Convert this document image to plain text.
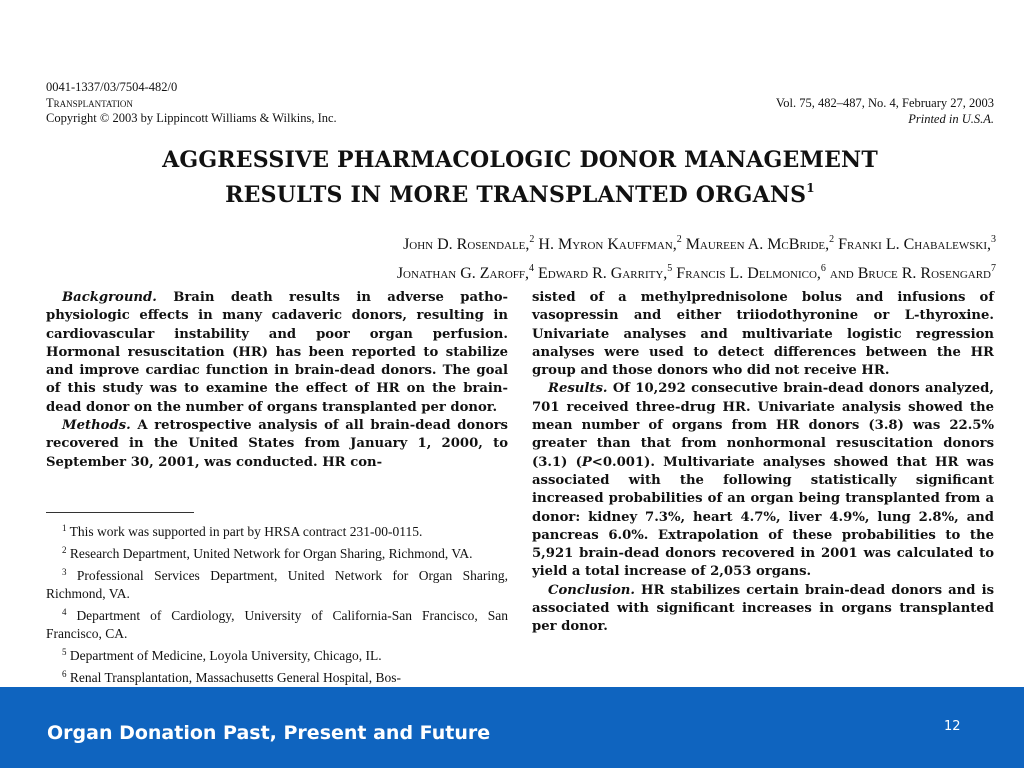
0041-1337/03/7504-482/0
Transplantation
Copyright © 2003 by Lippincott Williams & Wilkins, Inc.
Vol. 75, 482–487, No. 4, February 27, 2003
Printed in U.S.A.
AGGRESSIVE PHARMACOLOGIC DONOR MANAGEMENT
RESULTS IN MORE TRANSPLANTED ORGANS$^1$
John D. Rosendale,$^2$ H. Myron Kauffman,$^2$ Maureen A. McBride,$^2$ Franki L. Chabalewski,$^3$
Jonathan G. Zaroff,$^4$ Edward R. Garrity,$^5$ Francis L. Delmonico,$^6$ and Bruce R. Rosengard$^7$

Background. Brain death results in adverse patho-physiologic effects in many cadaveric donors, resulting in cardiovascular instability and poor organ perfusion. Hormonal resuscitation (HR) has been reported to stabilize and improve cardiac function in brain-dead donors. The goal of this study was to examine the effect of HR on the brain-dead donor on the number of organs transplanted per donor.

Methods. A retrospective analysis of all brain-dead donors recovered in the United States from January 1, 2000, to September 30, 2001, was conducted. HR con-

$^1$ This work was supported in part by HRSA contract 231-00-0115.

$^2$ Research Department, United Network for Organ Sharing, Richmond, VA.

$^3$ Professional Services Department, United Network for Organ Sharing, Richmond, VA.

$^4$ Department of Cardiology, University of California-San Francisco, San Francisco, CA.

$^5$ Department of Medicine, Loyola University, Chicago, IL.

$^6$ Renal Transplantation, Massachusetts General Hospital, Bos-

sisted of a methylprednisolone bolus and infusions of vasopressin and either triiodothyronine or L-thyroxine. Univariate analyses and multivariate logistic regression analyses were used to detect differences between the HR group and those donors who did not receive HR.

Results. Of 10,292 consecutive brain-dead donors analyzed, 701 received three-drug HR. Univariate analysis showed the mean number of organs from HR donors (3.8) was 22.5% greater than that from nonhormonal resuscitation donors (3.1) (P<0.001). Multivariate analyses showed that HR was associated with the following statistically significant increased probabilities of an organ being transplanted from a donor: kidney 7.3%, heart 4.7%, liver 4.9%, lung 2.8%, and pancreas 6.0%. Extrapolation of these probabilities to the 5,921 brain-dead donors recovered in 2001 was calculated to yield a total increase of 2,053 organs.

Conclusion. HR stabilizes certain brain-dead donors and is associated with significant increases in organs transplanted per donor.

Organ Donation Past, Present and Future	12
